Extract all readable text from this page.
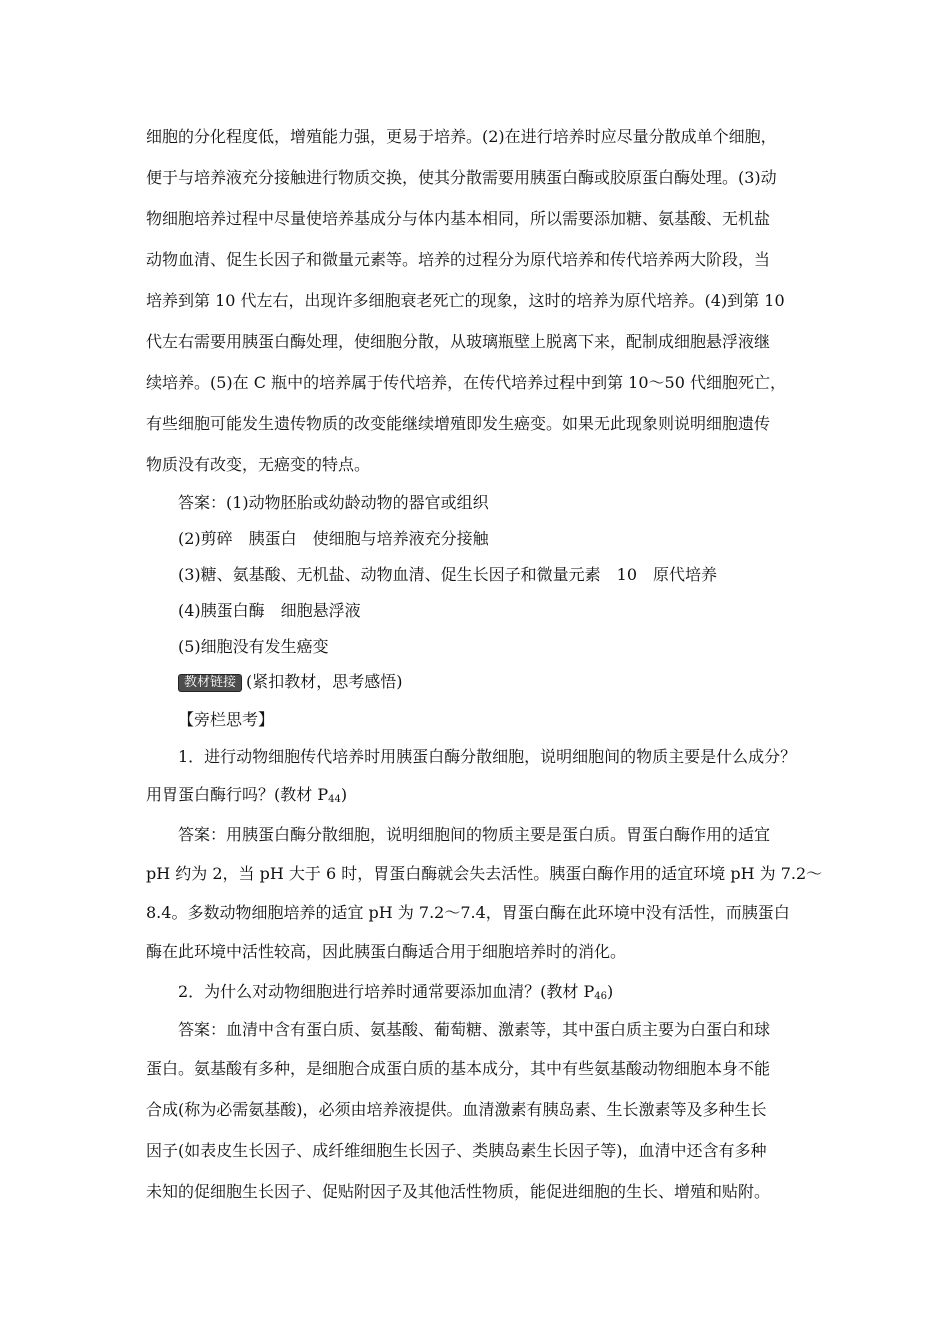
细胞的分化程度低，增殖能力强，更易于培养。(2)在进行培养时应尽量分散成单个细胞，
便于与培养液充分接触进行物质交换，使其分散需要用胰蛋白酶或胶原蛋白酶处理。(3)动
物细胞培养过程中尽量使培养基成分与体内基本相同，所以需要添加糖、氨基酸、无机盐
动物血清、促生长因子和微量元素等。培养的过程分为原代培养和传代培养两大阶段，当
培养到第 10 代左右，出现许多细胞衰老死亡的现象，这时的培养为原代培养。(4)到第 10
代左右需要用胰蛋白酶处理，使细胞分散，从玻璃瓶壁上脱离下来，配制成细胞悬浮液继
续培养。(5)在 C 瓶中的培养属于传代培养，在传代培养过程中到第 10～50 代细胞死亡，
有些细胞可能发生遗传物质的改变能继续增殖即发生癌变。如果无此现象则说明细胞遗传
物质没有改变，无癌变的特点。
答案：(1)动物胚胎或幼龄动物的器官或组织
(2)剪碎　胰蛋白　使细胞与培养液充分接触
(3)糖、氨基酸、无机盐、动物血清、促生长因子和微量元素　10　原代培养
(4)胰蛋白酶　细胞悬浮液
(5)细胞没有发生癌变
教材链接 (紧扣教材，思考感悟)
【旁栏思考】
1．进行动物细胞传代培养时用胰蛋白酶分散细胞，说明细胞间的物质主要是什么成分？
用胃蛋白酶行吗？(教材 $P_{44}$)
答案：用胰蛋白酶分散细胞，说明细胞间的物质主要是蛋白质。胃蛋白酶作用的适宜
pH 约为 2，当 pH 大于 6 时，胃蛋白酶就会失去活性。胰蛋白酶作用的适宜环境 pH 为 7.2～
8.4。多数动物细胞培养的适宜 pH 为 7.2～7.4，胃蛋白酶在此环境中没有活性，而胰蛋白
酶在此环境中活性较高，因此胰蛋白酶适合用于细胞培养时的消化。
2．为什么对动物细胞进行培养时通常要添加血清？(教材 $P_{46}$)
答案：血清中含有蛋白质、氨基酸、葡萄糖、激素等，其中蛋白质主要为白蛋白和球
蛋白。氨基酸有多种，是细胞合成蛋白质的基本成分，其中有些氨基酸动物细胞本身不能
合成(称为必需氨基酸)，必须由培养液提供。血清激素有胰岛素、生长激素等及多种生长
因子(如表皮生长因子、成纤维细胞生长因子、类胰岛素生长因子等)，血清中还含有多种
未知的促细胞生长因子、促贴附因子及其他活性物质，能促进细胞的生长、增殖和贴附。
